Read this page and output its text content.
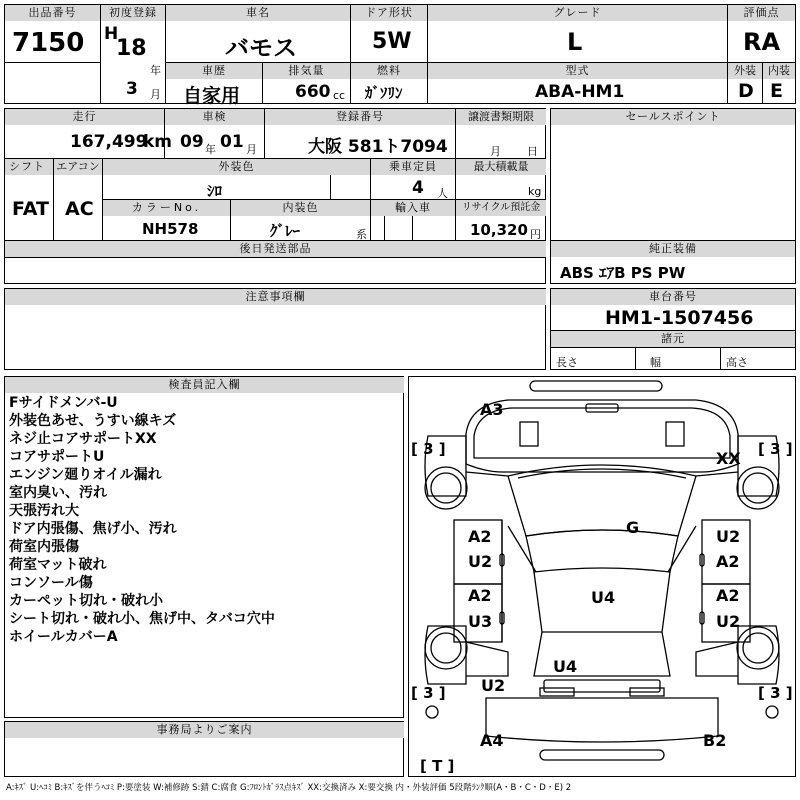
出品番号
7150
初度登録
H
18
年
3 月
車名
バモス
ドア形状
5W
グレード
L
評価点
RA
車歴
自家用
排気量
660 cc
燃料
ｶﾞｿﾘﾝ
型式
ABA-HM1
外装
D
内装
E
走行
167,499
km
車検
09 年 01 月
登録番号
大阪 581ト7094
譲渡書類期限
月 日
セールスポイント
シフト
FAT
エアコン
AC
外装色
ｼﾛ
乗車定員
4 人
最大積載量
kg
カラーNo.
NH578
内装色
ｸﾞﾚｰ	系
輸入車	リサイクル預託金
10,320 円
後日発送部品	純正装備
ABS ｴｱB PS PW
注意事項欄	車台番号
HM1-1507456
諸元
長さ	幅	高さ
検査員記入欄
Fサイドメンバ-U
外装色あせ、うすい線キズ
ネジ止コアサポートXX
コアサポートU
エンジン廻りオイル漏れ
室内臭い、汚れ
天張汚れ大
ドア内張傷、焦げ小、汚れ
荷室内張傷
荷室マット破れ
コンソール傷
カーペット切れ・破れ小
シート切れ・破れ小、焦げ中、タバコ穴中
ホイールカバーA
事務局よりご案内
A3
XX
G
A2
U2
U2
A2
A2
U3
A2
U2
U4
U4
U2
A4	B2
[ 3 ]	[ 3 ]
[ 3 ]	[ 3 ]
[ T ]
A:ｷｽﾞ U:ﾍｺﾐ B:ｷｽﾞを伴うﾍｺﾐ P:要塗装 W:補修跡 S:錆 C:腐食 G:ﾌﾛﾝﾄｶﾞﾗｽ点ｷｽﾞ XX:交換済み X:要交換 内・外装評価 5段階ﾗﾝｸ順(A・B・C・D・E) 2
